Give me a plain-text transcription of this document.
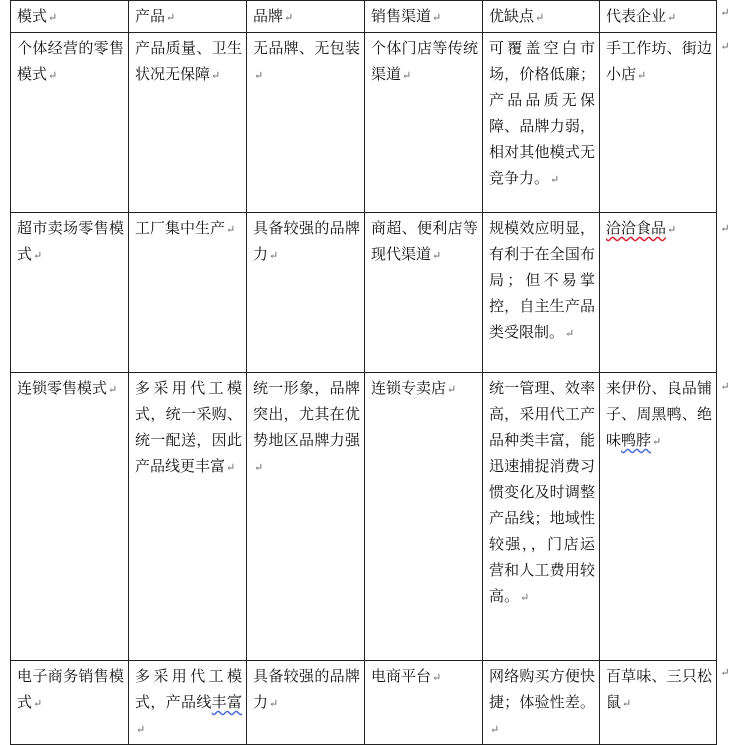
模式↵	产品↵	品牌↵	销售渠道↵	优缺点↵	代表企业↵
个体经营的零售模式↵	产品质量、卫生状况无保障↵	无品牌、无包装↵	个体门店等传统渠道↵	可覆盖空白市场，价格低廉；产品品质无保障、品牌力弱，相对其他模式无竞争力。↵	手工作坊、街边小店↵
超市卖场零售模式↵	工厂集中生产↵	具备较强的品牌力↵	商超、便利店等现代渠道↵	规模效应明显，有利于在全国布局；但不易掌控，自主生产品类受限制。↵	洽洽食品↵
连锁零售模式↵	多采用代工模式，统一采购、统一配送，因此产品线更丰富↵	统一形象，品牌突出，尤其在优势地区品牌力强↵	连锁专卖店↵	统一管理、效率高，采用代工产品种类丰富，能迅速捕捉消费习惯变化及时调整产品线；地域性较强，，门店运营和人工费用较高。↵	来伊份、良品铺子、周黑鸭、绝味鸭脖↵
电子商务销售模式↵	多采用代工模式，产品线丰富↵	具备较强的品牌力↵	电商平台↵	网络购买方便快捷；体验性差。↵	百草味、三只松鼠↵
↵
↵
↵
↵
↵
